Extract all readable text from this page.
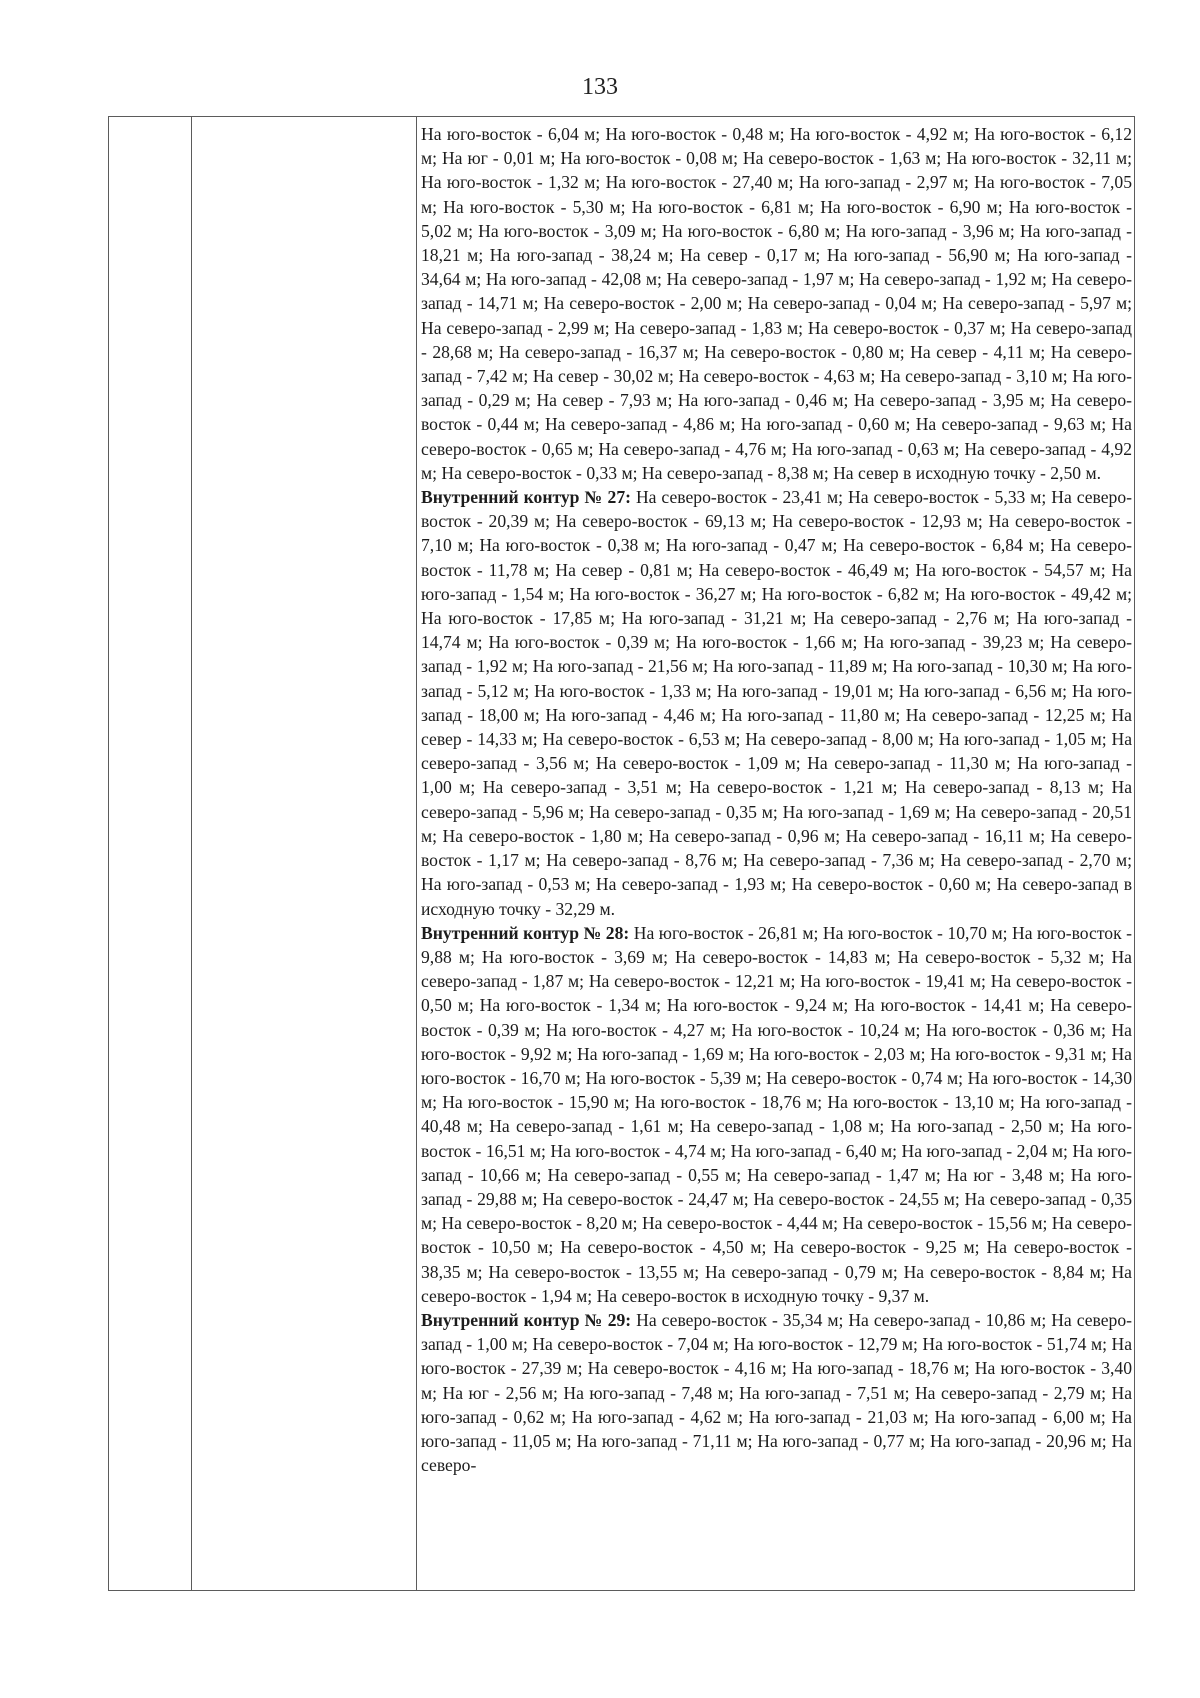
133

На юго-восток - 6,04 м; На юго-восток - 0,48 м; На юго-восток - 4,92 м; На юго-восток - 6,12 м; На юг - 0,01 м; На юго-восток - 0,08 м; На северо-восток - 1,63 м; На юго-восток - 32,11 м; На юго-восток - 1,32 м; На юго-восток - 27,40 м; На юго-запад - 2,97 м; На юго-восток - 7,05 м; На юго-восток - 5,30 м; На юго-восток - 6,81 м; На юго-восток - 6,90 м; На юго-восток - 5,02 м; На юго-восток - 3,09 м; На юго-восток - 6,80 м; На юго-запад - 3,96 м; На юго-запад - 18,21 м; На юго-запад - 38,24 м; На север - 0,17 м; На юго-запад - 56,90 м; На юго-запад - 34,64 м; На юго-запад - 42,08 м; На северо-запад - 1,97 м; На северо-запад - 1,92 м; На северо-запад - 14,71 м; На северо-восток - 2,00 м; На северо-запад - 0,04 м; На северо-запад - 5,97 м; На северо-запад - 2,99 м; На северо-запад - 1,83 м; На северо-восток - 0,37 м; На северо-запад - 28,68 м; На северо-запад - 16,37 м; На северо-восток - 0,80 м; На север - 4,11 м; На северо-запад - 7,42 м; На север - 30,02 м; На северо-восток - 4,63 м; На северо-запад - 3,10 м; На юго-запад - 0,29 м; На север - 7,93 м; На юго-запад - 0,46 м; На северо-запад - 3,95 м; На северо-восток - 0,44 м; На северо-запад - 4,86 м; На юго-запад - 0,60 м; На северо-запад - 9,63 м; На северо-восток - 0,65 м; На северо-запад - 4,76 м; На юго-запад - 0,63 м; На северо-запад - 4,92 м; На северо-восток - 0,33 м; На северо-запад - 8,38 м; На север в исходную точку - 2,50 м.
Внутренний контур № 27: На северо-восток - 23,41 м; На северо-восток - 5,33 м; На северо-восток - 20,39 м; На северо-восток - 69,13 м; На северо-восток - 12,93 м; На северо-восток - 7,10 м; На юго-восток - 0,38 м; На юго-запад - 0,47 м; На северо-восток - 6,84 м; На северо-восток - 11,78 м; На север - 0,81 м; На северо-восток - 46,49 м; На юго-восток - 54,57 м; На юго-запад - 1,54 м; На юго-восток - 36,27 м; На юго-восток - 6,82 м; На юго-восток - 49,42 м; На юго-восток - 17,85 м; На юго-запад - 31,21 м; На северо-запад - 2,76 м; На юго-запад - 14,74 м; На юго-восток - 0,39 м; На юго-восток - 1,66 м; На юго-запад - 39,23 м; На северо-запад - 1,92 м; На юго-запад - 21,56 м; На юго-запад - 11,89 м; На юго-запад - 10,30 м; На юго-запад - 5,12 м; На юго-восток - 1,33 м; На юго-запад - 19,01 м; На юго-запад - 6,56 м; На юго-запад - 18,00 м; На юго-запад - 4,46 м; На юго-запад - 11,80 м; На северо-запад - 12,25 м; На север - 14,33 м; На северо-восток - 6,53 м; На северо-запад - 8,00 м; На юго-запад - 1,05 м; На северо-запад - 3,56 м; На северо-восток - 1,09 м; На северо-запад - 11,30 м; На юго-запад - 1,00 м; На северо-запад - 3,51 м; На северо-восток - 1,21 м; На северо-запад - 8,13 м; На северо-запад - 5,96 м; На северо-запад - 0,35 м; На юго-запад - 1,69 м; На северо-запад - 20,51 м; На северо-восток - 1,80 м; На северо-запад - 0,96 м; На северо-запад - 16,11 м; На северо-восток - 1,17 м; На северо-запад - 8,76 м; На северо-запад - 7,36 м; На северо-запад - 2,70 м; На юго-запад - 0,53 м; На северо-запад - 1,93 м; На северо-восток - 0,60 м; На северо-запад в исходную точку - 32,29 м.
Внутренний контур № 28: На юго-восток - 26,81 м; На юго-восток - 10,70 м; На юго-восток - 9,88 м; На юго-восток - 3,69 м; На северо-восток - 14,83 м; На северо-восток - 5,32 м; На северо-запад - 1,87 м; На северо-восток - 12,21 м; На юго-восток - 19,41 м; На северо-восток - 0,50 м; На юго-восток - 1,34 м; На юго-восток - 9,24 м; На юго-восток - 14,41 м; На северо-восток - 0,39 м; На юго-восток - 4,27 м; На юго-восток - 10,24 м; На юго-восток - 0,36 м; На юго-восток - 9,92 м; На юго-запад - 1,69 м; На юго-восток - 2,03 м; На юго-восток - 9,31 м; На юго-восток - 16,70 м; На юго-восток - 5,39 м; На северо-восток - 0,74 м; На юго-восток - 14,30 м; На юго-восток - 15,90 м; На юго-восток - 18,76 м; На юго-восток - 13,10 м; На юго-запад - 40,48 м; На северо-запад - 1,61 м; На северо-запад - 1,08 м; На юго-запад - 2,50 м; На юго-восток - 16,51 м; На юго-восток - 4,74 м; На юго-запад - 6,40 м; На юго-запад - 2,04 м; На юго-запад - 10,66 м; На северо-запад - 0,55 м; На северо-запад - 1,47 м; На юг - 3,48 м; На юго-запад - 29,88 м; На северо-восток - 24,47 м; На северо-восток - 24,55 м; На северо-запад - 0,35 м; На северо-восток - 8,20 м; На северо-восток - 4,44 м; На северо-восток - 15,56 м; На северо-восток - 10,50 м; На северо-восток - 4,50 м; На северо-восток - 9,25 м; На северо-восток - 38,35 м; На северо-восток - 13,55 м; На северо-запад - 0,79 м; На северо-восток - 8,84 м; На северо-восток - 1,94 м; На северо-восток в исходную точку - 9,37 м.
Внутренний контур № 29: На северо-восток - 35,34 м; На северо-запад - 10,86 м; На северо-запад - 1,00 м; На северо-восток - 7,04 м; На юго-восток - 12,79 м; На юго-восток - 51,74 м; На юго-восток - 27,39 м; На северо-восток - 4,16 м; На юго-запад - 18,76 м; На юго-восток - 3,40 м; На юг - 2,56 м; На юго-запад - 7,48 м; На юго-запад - 7,51 м; На северо-запад - 2,79 м; На юго-запад - 0,62 м; На юго-запад - 4,62 м; На юго-запад - 21,03 м; На юго-запад - 6,00 м; На юго-запад - 11,05 м; На юго-запад - 71,11 м; На юго-запад - 0,77 м; На юго-запад - 20,96 м; На северо-
